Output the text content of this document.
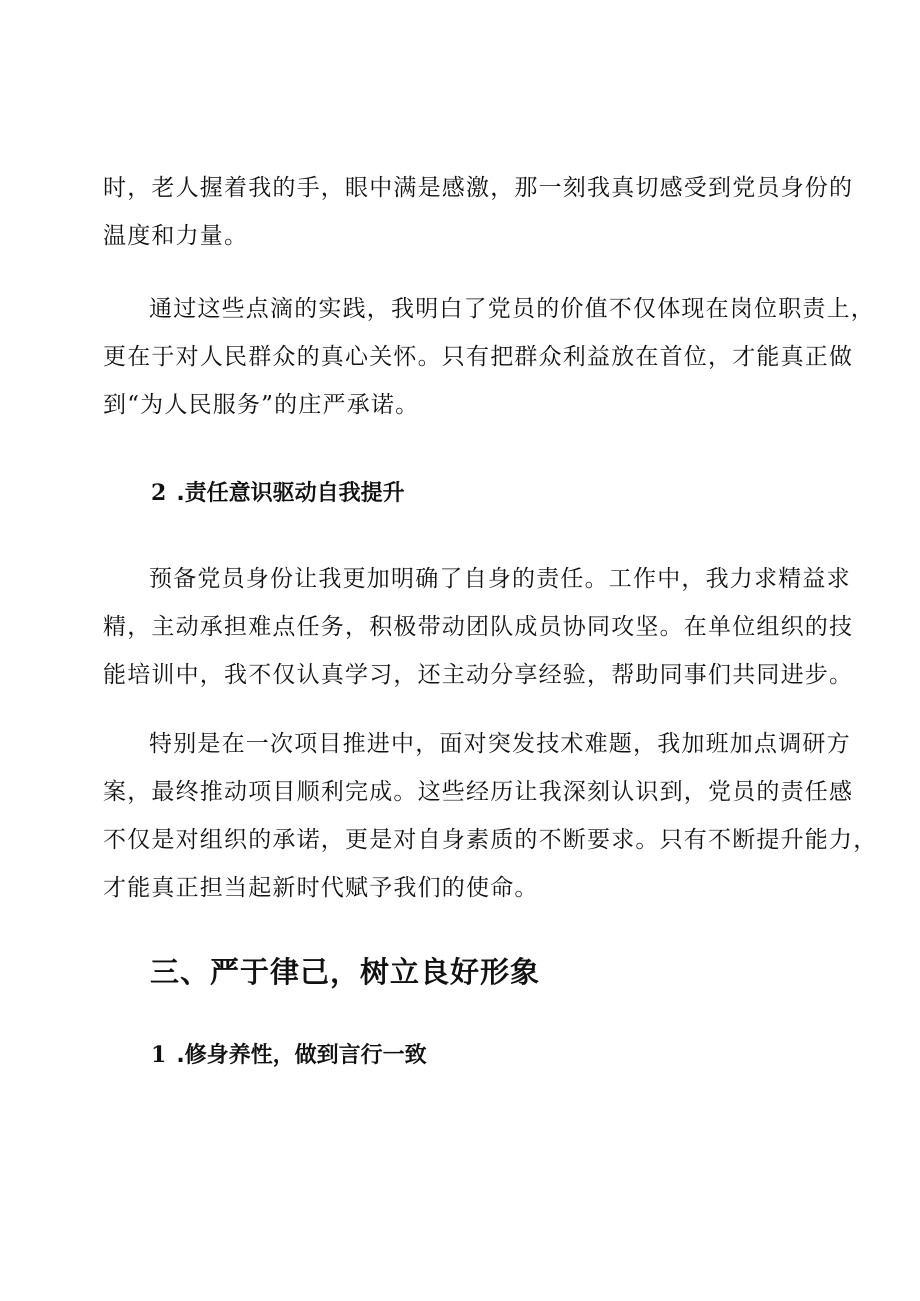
时，老人握着我的手，眼中满是感激，那一刻我真切感受到党员身份的
温度和力量。
通过这些点滴的实践，我明白了党员的价值不仅体现在岗位职责上，
更在于对人民群众的真心关怀。只有把群众利益放在首位，才能真正做
到“为人民服务”的庄严承诺。
2 .责任意识驱动自我提升
预备党员身份让我更加明确了自身的责任。工作中，我力求精益求
精，主动承担难点任务，积极带动团队成员协同攻坚。在单位组织的技
能培训中，我不仅认真学习，还主动分享经验，帮助同事们共同进步。
特别是在一次项目推进中，面对突发技术难题，我加班加点调研方
案，最终推动项目顺利完成。这些经历让我深刻认识到，党员的责任感
不仅是对组织的承诺，更是对自身素质的不断要求。只有不断提升能力，
才能真正担当起新时代赋予我们的使命。
三、严于律己，树立良好形象
1 .修身养性，做到言行一致
